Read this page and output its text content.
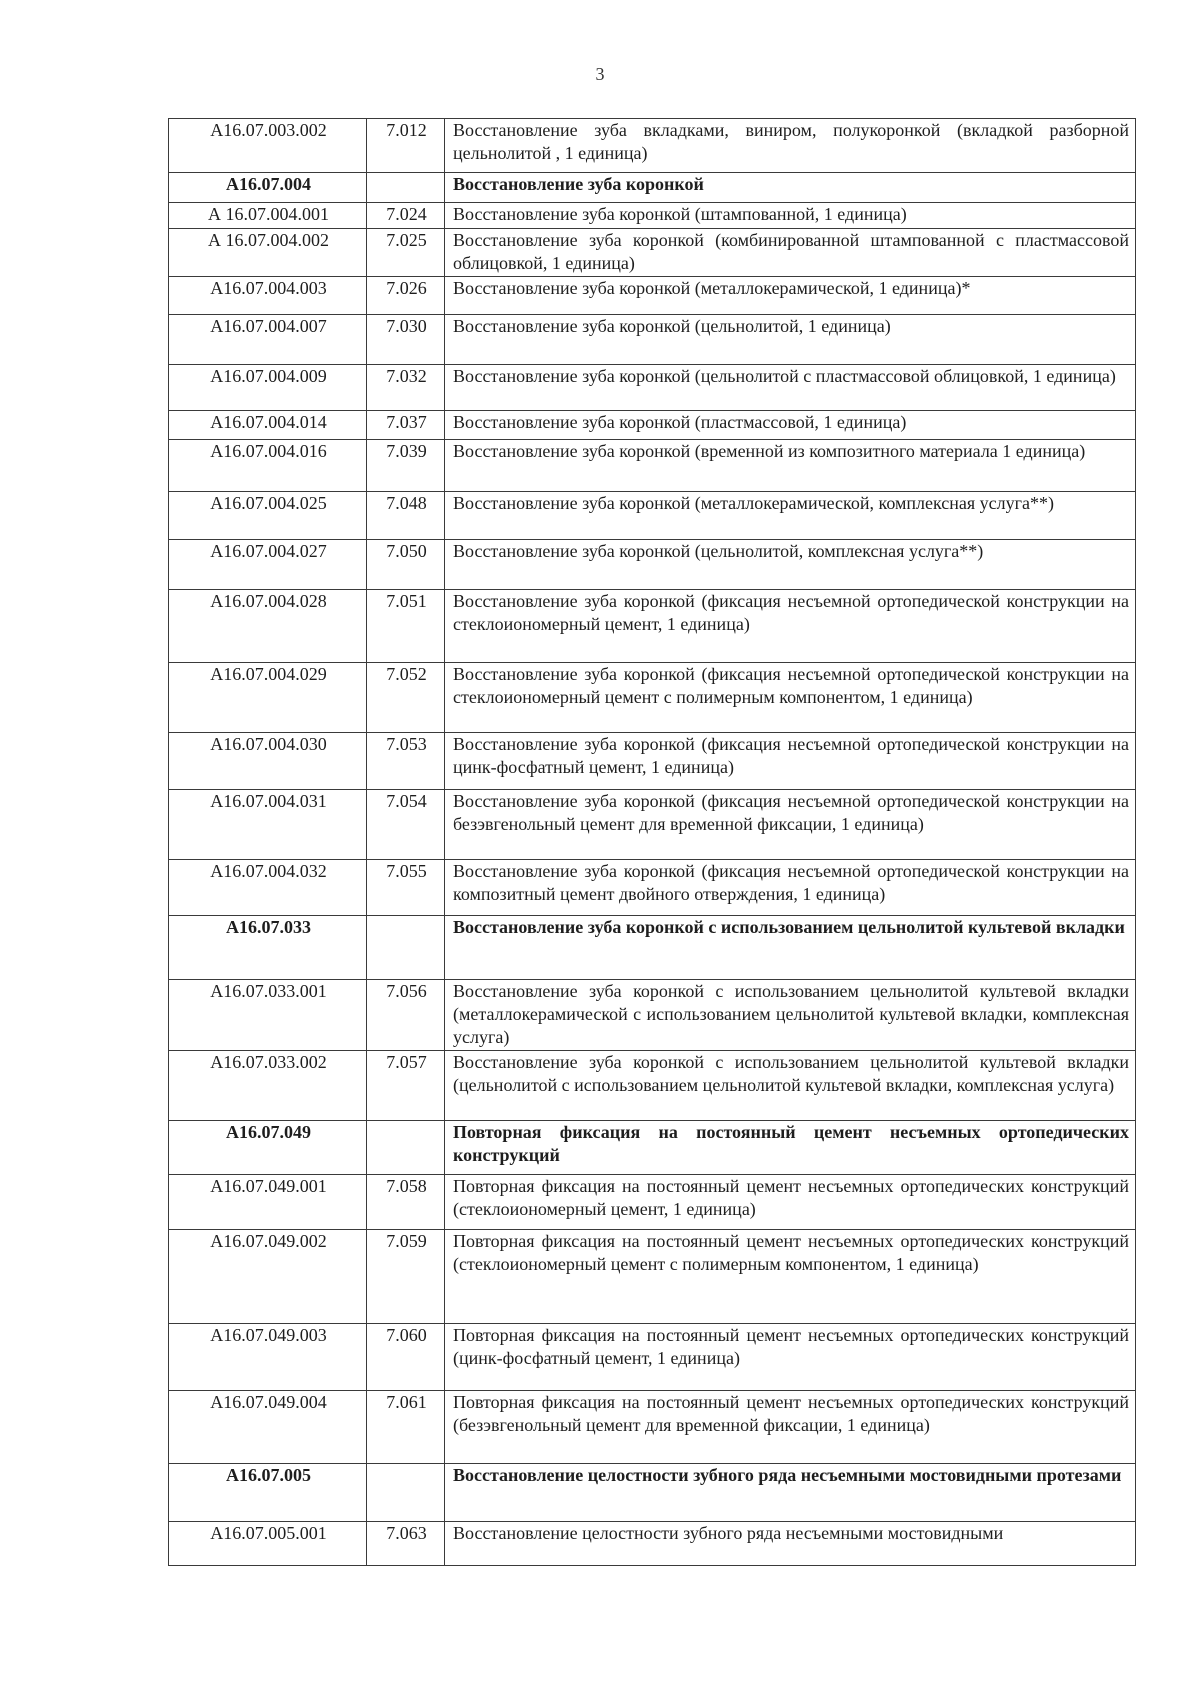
3
A16.07.003.002	7.012	Восстановление зуба вкладками, виниром, полукоронкой (вкладкой разборной цельнолитой , 1 единица)
A16.07.004		Восстановление зуба коронкой
А 16.07.004.001	7.024	Восстановление зуба коронкой (штампованной, 1 единица)
А 16.07.004.002	7.025	Восстановление зуба коронкой (комбинированной штампованной с пластмассовой облицовкой, 1 единица)
A16.07.004.003	7.026	Восстановление зуба коронкой (металлокерамической, 1 единица)*
A16.07.004.007	7.030	Восстановление зуба коронкой (цельнолитой, 1 единица)
A16.07.004.009	7.032	Восстановление зуба коронкой (цельнолитой с пластмассовой облицовкой, 1 единица)
A16.07.004.014	7.037	Восстановление зуба коронкой (пластмассовой, 1 единица)
A16.07.004.016	7.039	Восстановление зуба коронкой (временной из композитного материала 1 единица)
A16.07.004.025	7.048	Восстановление зуба коронкой (металлокерамической, комплексная услуга**)
A16.07.004.027	7.050	Восстановление зуба коронкой (цельнолитой, комплексная услуга**)
A16.07.004.028	7.051	Восстановление зуба коронкой (фиксация несъемной ортопедической конструкции на стеклоиономерный цемент, 1 единица)
A16.07.004.029	7.052	Восстановление зуба коронкой (фиксация несъемной ортопедической конструкции на стеклоиономерный цемент с полимерным компонентом, 1 единица)
A16.07.004.030	7.053	Восстановление зуба коронкой (фиксация несъемной ортопедической конструкции на цинк-фосфатный цемент, 1 единица)
A16.07.004.031	7.054	Восстановление зуба коронкой (фиксация несъемной ортопедической конструкции на безэвгенольный цемент для временной фиксации, 1 единица)
A16.07.004.032	7.055	Восстановление зуба коронкой (фиксация несъемной ортопедической конструкции на композитный цемент двойного отверждения, 1 единица)
A16.07.033		Восстановление зуба коронкой с использованием цельнолитой культевой вкладки
A16.07.033.001	7.056	Восстановление зуба коронкой с использованием цельнолитой культевой вкладки (металлокерамической с использованием цельнолитой культевой вкладки, комплексная услуга)
A16.07.033.002	7.057	Восстановление зуба коронкой с использованием цельнолитой культевой вкладки (цельнолитой с использованием цельнолитой культевой вкладки, комплексная услуга)
A16.07.049		Повторная фиксация на постоянный цемент несъемных ортопедических конструкций
A16.07.049.001	7.058	Повторная фиксация на постоянный цемент несъемных ортопедических конструкций (стеклоиономерный цемент, 1 единица)
A16.07.049.002	7.059	Повторная фиксация на постоянный цемент несъемных ортопедических конструкций (стеклоиономерный цемент с полимерным компонентом, 1 единица)
A16.07.049.003	7.060	Повторная фиксация на постоянный цемент несъемных ортопедических конструкций (цинк-фосфатный цемент, 1 единица)
A16.07.049.004	7.061	Повторная фиксация на постоянный цемент несъемных ортопедических конструкций (безэвгенольный цемент для временной фиксации, 1 единица)
A16.07.005		Восстановление целостности зубного ряда несъемными мостовидными протезами
A16.07.005.001	7.063	Восстановление целостности зубного ряда несъемными мостовидными
